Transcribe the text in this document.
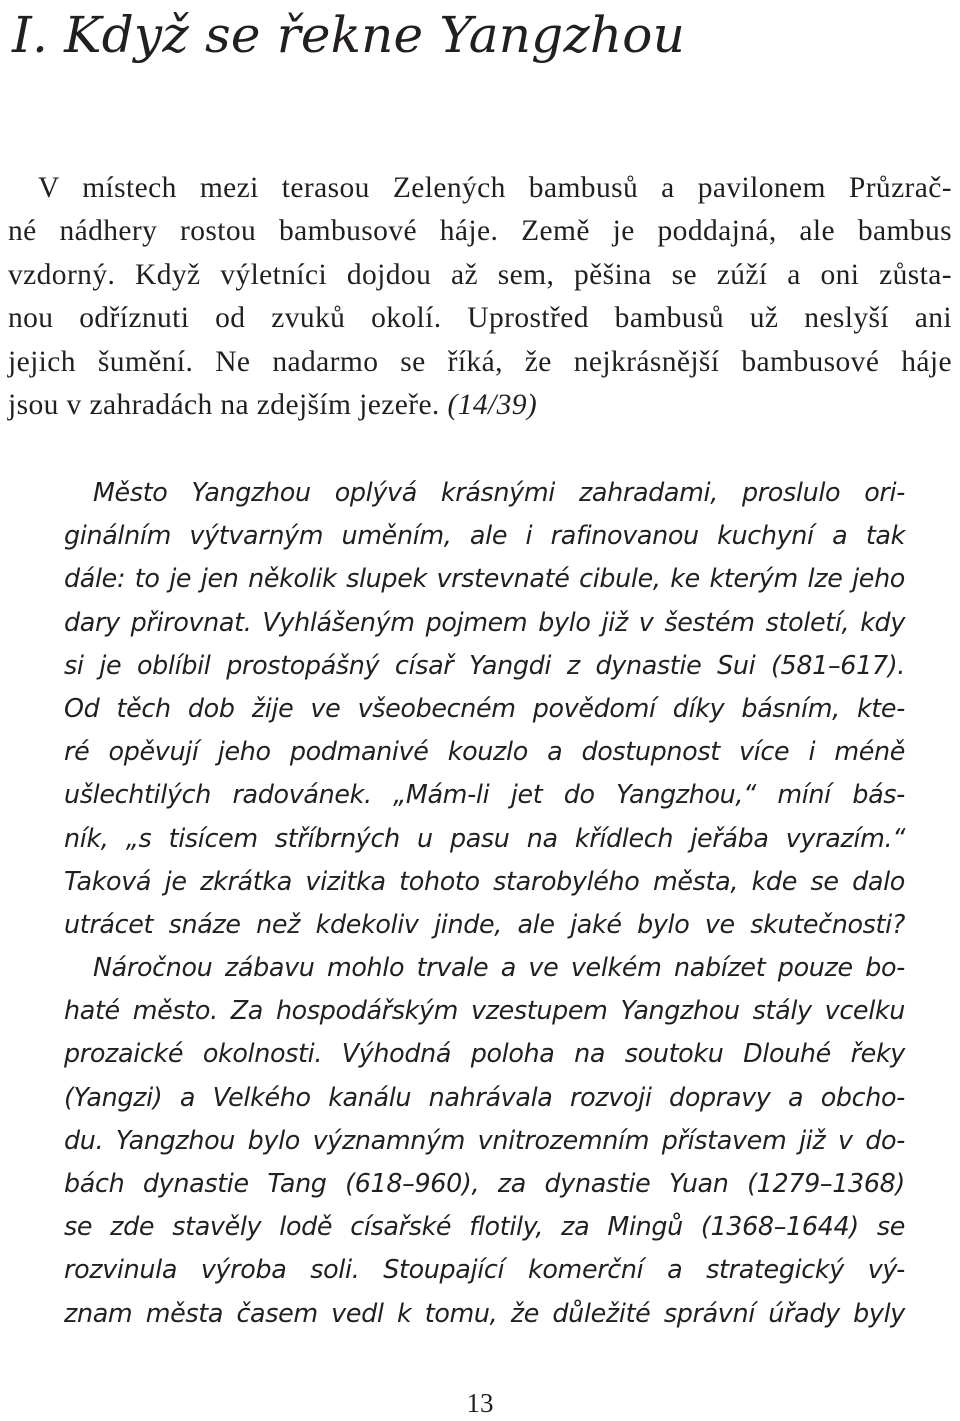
I. Když se řekne Yangzhou
V místech mezi terasou Zelených bambusů a pavilonem Průzrač-
né nádhery rostou bambusové háje. Země je poddajná, ale bambus
vzdorný. Když výletníci dojdou až sem, pěšina se zúží a oni zůsta-
nou odříznuti od zvuků okolí. Uprostřed bambusů už neslyší ani
jejich šumění. Ne nadarmo se říká, že nejkrásnější bambusové háje
jsou v zahradách na zdejším jezeře. (14/39)
Město Yangzhou oplývá krásnými zahradami, proslulo ori-
ginálním výtvarným uměním, ale i rafinovanou kuchyní a tak
dále: to je jen několik slupek vrstevnaté cibule, ke kterým lze jeho
dary přirovnat. Vyhlášeným pojmem bylo již v šestém století, kdy
si je oblíbil prostopášný císař Yangdi z dynastie Sui (581–617).
Od těch dob žije ve všeobecném povědomí díky básním, kte-
ré opěvují jeho podmanivé kouzlo a dostupnost více i méně
ušlechtilých radovánek. „Mám-li jet do Yangzhou,“ míní bás-
ník, „s tisícem stříbrných u pasu na křídlech jeřába vyrazím.“
Taková je zkrátka vizitka tohoto starobylého města, kde se dalo
utrácet snáze než kdekoliv jinde, ale jaké bylo ve skutečnosti?
Náročnou zábavu mohlo trvale a ve velkém nabízet pouze bo-
haté město. Za hospodářským vzestupem Yangzhou stály vcelku
prozaické okolnosti. Výhodná poloha na soutoku Dlouhé řeky
(Yangzi) a Velkého kanálu nahrávala rozvoji dopravy a obcho-
du. Yangzhou bylo významným vnitrozemním přístavem již v do-
bách dynastie Tang (618–960), za dynastie Yuan (1279–1368)
se zde stavěly lodě císařské flotily, za Mingů (1368–1644) se
rozvinula výroba soli. Stoupající komerční a strategický vý-
znam města časem vedl k tomu, že důležité správní úřady byly
13
